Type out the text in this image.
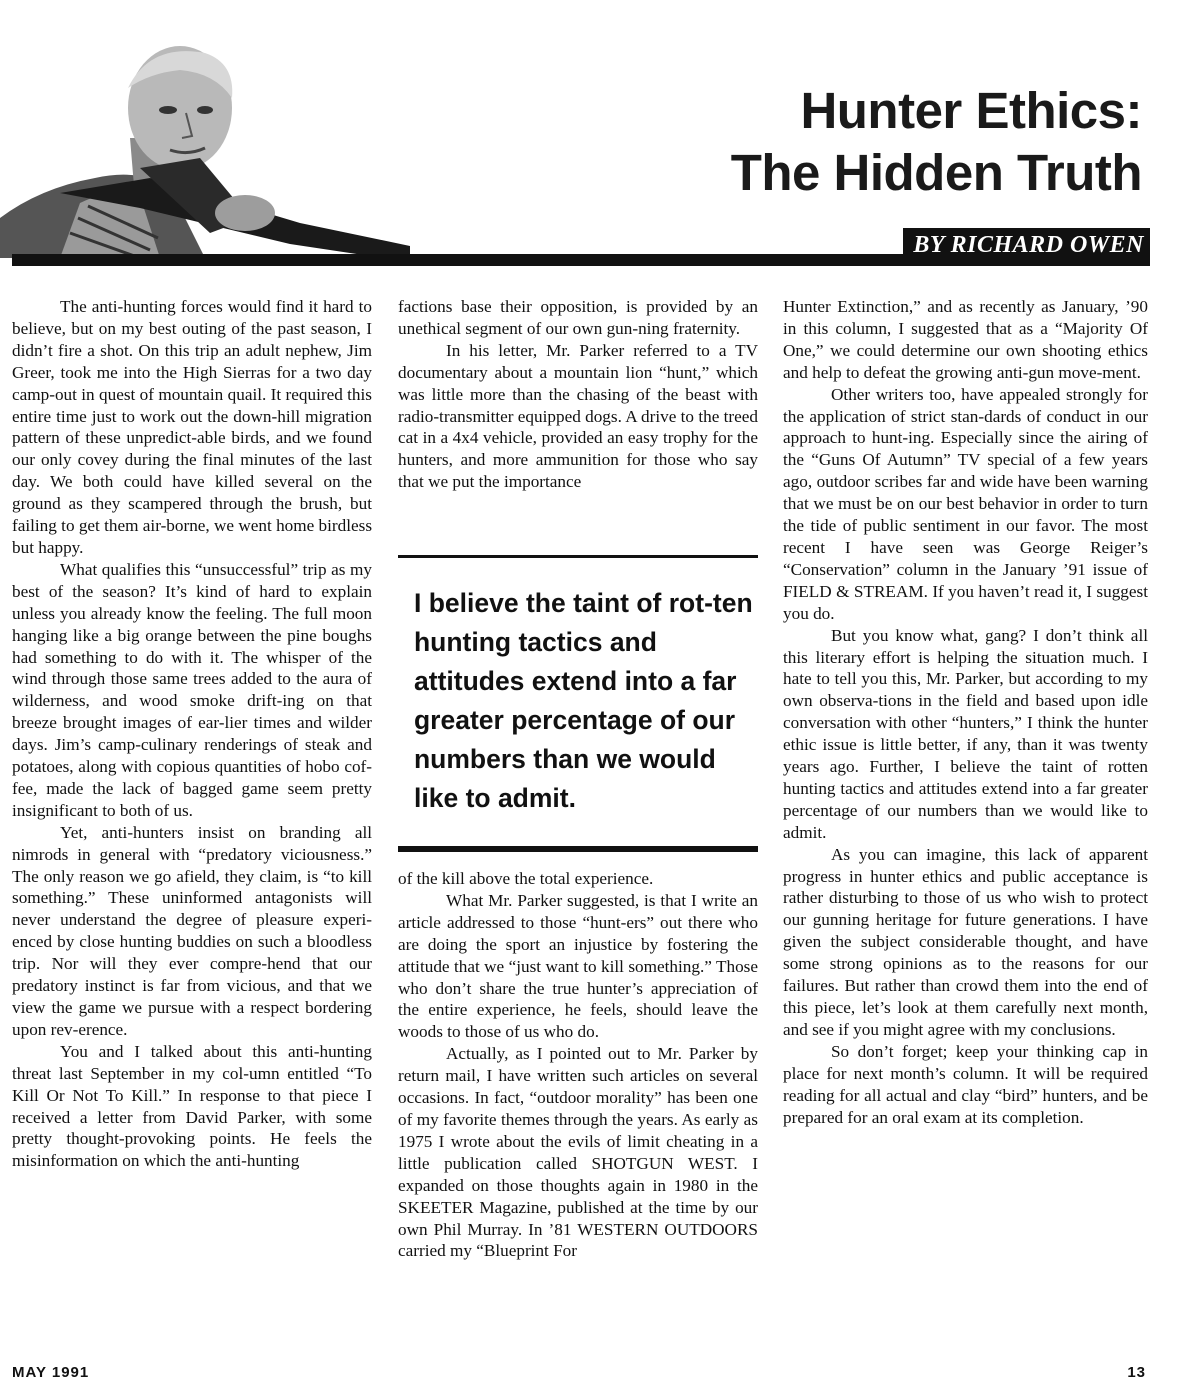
Hunter Ethics:
The Hidden Truth
BY RICHARD OWEN

The anti-hunting forces would find it hard to believe, but on my best outing of the past season, I didn’t fire a shot. On this trip an adult nephew, Jim Greer, took me into the High Sierras for a two day camp-out in quest of mountain quail. It required this entire time just to work out the down-hill migration pattern of these unpredict-able birds, and we found our only covey during the final minutes of the last day. We both could have killed several on the ground as they scampered through the brush, but failing to get them air-borne, we went home birdless but happy.

What qualifies this “unsuccessful” trip as my best of the season? It’s kind of hard to explain unless you already know the feeling. The full moon hanging like a big orange between the pine boughs had something to do with it. The whisper of the wind through those same trees added to the aura of wilderness, and wood smoke drift-ing on that breeze brought images of ear-lier times and wilder days. Jim’s camp-culinary renderings of steak and potatoes, along with copious quantities of hobo cof-fee, made the lack of bagged game seem pretty insignificant to both of us.

Yet, anti-hunters insist on branding all nimrods in general with “predatory viciousness.” The only reason we go afield, they claim, is “to kill something.” These uninformed antagonists will never understand the degree of pleasure experi-enced by close hunting buddies on such a bloodless trip. Nor will they ever compre-hend that our predatory instinct is far from vicious, and that we view the game we pursue with a respect bordering upon rev-erence.

You and I talked about this anti-hunting threat last September in my col-umn entitled “To Kill Or Not To Kill.” In response to that piece I received a letter from David Parker, with some pretty thought-provoking points. He feels the misinformation on which the anti-hunting

factions base their opposition, is provided by an unethical segment of our own gun-ning fraternity.

In his letter, Mr. Parker referred to a TV documentary about a mountain lion “hunt,” which was little more than the chasing of the beast with radio-transmitter equipped dogs. A drive to the treed cat in a 4x4 vehicle, provided an easy trophy for the hunters, and more ammunition for those who say that we put the importance

I believe the taint of rot-ten hunting tactics and attitudes extend into a far greater percentage of our numbers than we would like to admit.

of the kill above the total experience.

What Mr. Parker suggested, is that I write an article addressed to those “hunt-ers” out there who are doing the sport an injustice by fostering the attitude that we “just want to kill something.” Those who don’t share the true hunter’s appreciation of the entire experience, he feels, should leave the woods to those of us who do.

Actually, as I pointed out to Mr. Parker by return mail, I have written such articles on several occasions. In fact, “outdoor morality” has been one of my favorite themes through the years. As early as 1975 I wrote about the evils of limit cheating in a little publication called SHOTGUN WEST. I expanded on those thoughts again in 1980 in the SKEETER Magazine, published at the time by our own Phil Murray. In ’81 WESTERN OUTDOORS carried my “Blueprint For

Hunter Extinction,” and as recently as January, ’90 in this column, I suggested that as a “Majority Of One,” we could determine our own shooting ethics and help to defeat the growing anti-gun move-ment.

Other writers too, have appealed strongly for the application of strict stan-dards of conduct in our approach to hunt-ing. Especially since the airing of the “Guns Of Autumn” TV special of a few years ago, outdoor scribes far and wide have been warning that we must be on our best behavior in order to turn the tide of public sentiment in our favor. The most recent I have seen was George Reiger’s “Conservation” column in the January ’91 issue of FIELD & STREAM. If you haven’t read it, I suggest you do.

But you know what, gang? I don’t think all this literary effort is helping the situation much. I hate to tell you this, Mr. Parker, but according to my own observa-tions in the field and based upon idle conversation with other “hunters,” I think the hunter ethic issue is little better, if any, than it was twenty years ago. Further, I believe the taint of rotten hunting tactics and attitudes extend into a far greater percentage of our numbers than we would like to admit.

As you can imagine, this lack of apparent progress in hunter ethics and public acceptance is rather disturbing to those of us who wish to protect our gunning heritage for future generations. I have given the subject considerable thought, and have some strong opinions as to the reasons for our failures. But rather than crowd them into the end of this piece, let’s look at them carefully next month, and see if you might agree with my conclusions.

So don’t forget; keep your thinking cap in place for next month’s column. It will be required reading for all actual and clay “bird” hunters, and be prepared for an oral exam at its completion.

MAY 1991	13
